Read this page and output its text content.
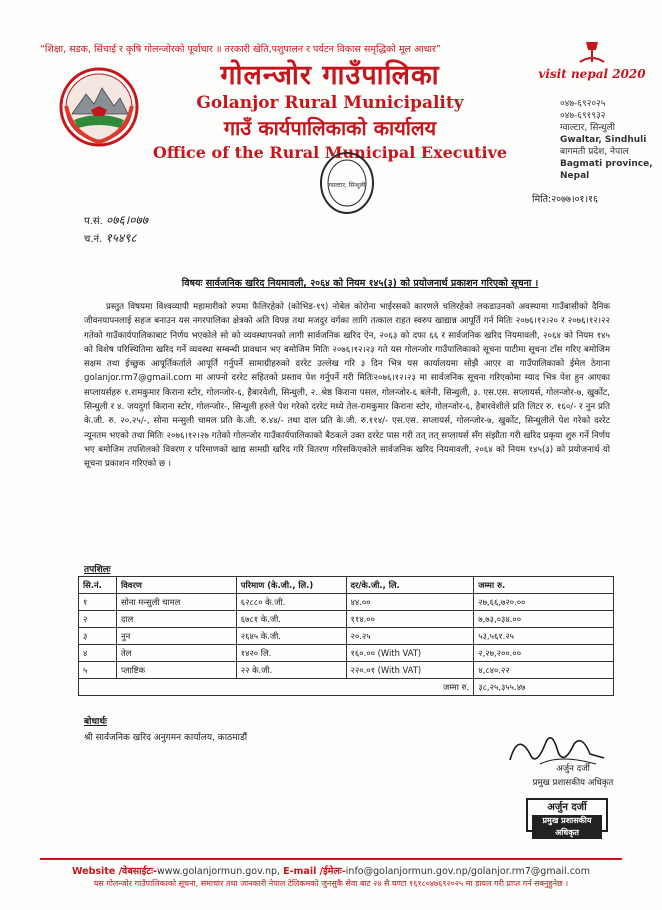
“शिक्षा, सडक, सिंचाई र कृषि गोलन्जोरको पूर्वाधार ॥ तरकारी खेति,पशुपालन र पर्यटन विकास समृद्धिको मूल आधार”
गोलन्जोर गाउँपालिका
Golanjor Rural Municipality
गाउँ कार्यपालिकाको कार्यालय
Office of the Rural Municipal Executive
visit nepal 2020
०४७-६९२०२५
०४७-६९१९३२
ग्वाल्टार, सिन्धुली
Gwaltar, Sindhuli
बागमती प्रदेश, नेपाल
Bagmati province, Nepal
ग्वाल्टार, सिन्धुली
मिति:२०७७।०१।१६
प.सं. ०७६।०७७
च.नं. १५४९८
विषयः सार्वजनिक खरिद नियमावली, २०६४ को नियम १४५(३) को प्रयोजनार्थ प्रकाशन गरिएको सूचना ।

प्रस्तुत विषयमा विश्वव्यापी महामारीको रुपमा फैलिरहेको (कोभिड-१९) नोबेल कोरोना भाईरसको कारणले चलिरहेको लकडाउनको अवस्थामा गाउँबासीको दैनिक जीवनयापनलाई सहज बनाउन यस नगरपालिका क्षेत्रको अति विपन्न तथा मजदुर वर्गका लागि तत्काल राहत स्वरुप खाद्यान्न आपूर्ति गर्न मितिः २०७६।१२।२० र २०७६।१२।२२ गतेको गाउँकार्यपालिकाबाट निर्णय भएकोले सो को व्यवस्थापनको लागी सार्वजनिक खरिद ऐन, २०६३ को दफा ६६ र सार्वजनिक खरिद नियमावली, २०६४ को नियम १४५ को विशेष परिस्थितिमा खरिद गर्ने व्यवस्था सम्बन्धी प्रावधान भए बमोजिम मितिः २०७६।१२।२३ गते यस गोलन्जोर गाउँपालिकाको सूचना पाटीमा सूचना टाँस गरिए बमोजिम सक्षम तथा ईच्छुक आपूर्तिकर्ताले आपूर्ति गर्नुपर्ने सामाग्रीहरुको दररेट उल्लेख गरि ३ दिन भित्र यस कार्यालयमा सोझै आएर वा गाउँपालिकाको ईमेल ठेगाना golanjor.rm7@gmail.com मा आफ्नो दररेट सहितको प्रस्ताव पेश गर्नुपर्ने गरी मितिः२०७६।१२।२३ मा सार्वजनिक सूचना गरिएकोमा म्याद भित्र पेश हुन आएका सप्लायर्सहरु १.रामकुमार किराना स्टोर, गोलन्जोर-६, हैबारवेशी, सिन्धुली, २. श्रेष्ठ किराना पसल, गोलन्जोर-६ बलेनी, सिन्धुली, ३. एस.एस. सप्लायर्स, गोलन्जोर-७, खुर्कोट, सिन्धुली र ४. जयदुर्गा किराना स्टोर, गोलन्जोर-, सिन्धुली हरुले पेश गरेको दररेट मध्ये तेल-रामकुमार किराना स्टोर, गोलन्जोर-६, हैबारवेशीले प्रति लिटर रु. १६०/- र नुन प्रति के.जी. रु. २०.२५/-, सोना मन्सुली चामल प्रति के.जी. रु.४४/- तथा दाल प्रति के.जी. रु.११४/- एस.एस. सप्लायर्स, गोलन्जोर-७, खुर्कोट, सिन्धुलीले पेश गरेको दररेट न्यूनतम भएको तथा मितिः २०७६।१२।२७ गतेको गोलन्जोर गाउँकार्यपालिकाको बैठकले उक्त दररेट पास गरी तत् तत् सप्लायर्स सँग संझौता गरी खरिद प्रकृया शुरु गर्ने निर्णय भए बमोजिम तपशिलको विवरण र परिमाणको खाद्य सामग्री खरिद गरि वितरण गरिसकिएकोले सार्वजनिक खरिद नियमावली, २०६४ को नियम १४५(३) को प्रयोजनार्थ यो सूचना प्रकाशन गरिएको छ ।

तपशिलः
सि.नं.	विवरण	परिमाण (के.जी., लि.)	दर/के.जी., लि.	जम्मा रु.
१	सोना मन्सुली चामल	६२८८० के.जी.	४४.००	२७,६६,७२०.००
२	दाल	६७८१ के.जी.	११४.००	७,७३,०३४.००
३	नुन	२६४५ के.जी.	२०.२५	५३,५६१.२५
४	तेल	१४२० लि.	१६०.०० (With VAT)	२,२७,२००.००
५	प्लाष्टिक	२२ के.जी.	२२०.०१ (With VAT)	४,८४०.२२
जम्मा रु.				३८,२५,३५५.४७
बोधार्थः
श्री सार्वजनिक खरिद अनुगमन कार्यालय, काठमाडौं
अर्जुन दर्जी
प्रमुख प्रशासकीय अधिकृत
अर्जुन दर्जी
प्रमुख प्रशासकीय अधिकृत
Website /वेबसाईटः-www.golanjormun.gov.np, E-mail /ईमेलः-info@golanjormun.gov.np/golanjor.rm7@gmail.com
यस गोलन्जोर गाउँपालिकाको सूचना, समाचार तथा जानकारी नेपाल टेलिकमको जुनसुकै सेवा बाट २४ सै घण्टा १६१८०४७६९२०२५ मा डायल गरी प्राप्त गर्न सक्नुहुनेछ ।
